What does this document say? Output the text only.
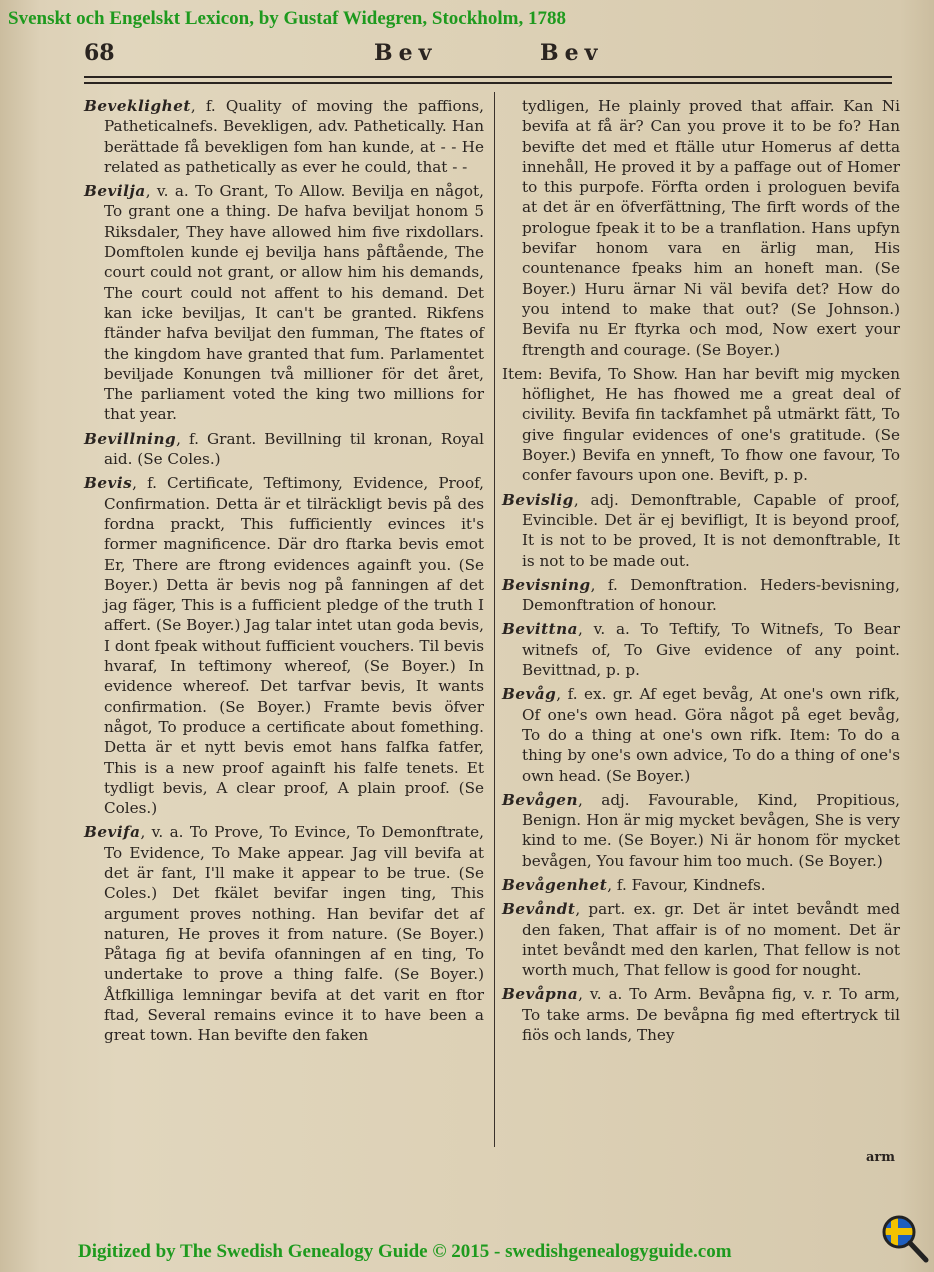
Svenskt och Engelskt Lexicon, by Gustaf Widegren, Stockholm, 1788
68	Bev	Bev

Beveklighet, f. Quality of moving the paffions, Patheticalnefs. Bevekligen, adv. Pathetically. Han berättade få bevekligen fom han kunde, at - - He related as pathetically as ever he could, that - -

Bevilja, v. a. To Grant, To Allow. Bevilja en något, To grant one a thing. De hafva beviljat honom 5 Riksdaler, They have allowed him five rixdollars. Domftolen kunde ej bevilja hans påftående, The court could not grant, or allow him his demands, The court could not affent to his demand. Det kan icke beviljas, It can't be granted. Rikfens ftänder hafva beviljat den fumman, The ftates of the kingdom have granted that fum. Parlamentet beviljade Konungen två millioner för det året, The parliament voted the king two millions for that year.

Bevillning, f. Grant. Bevillning til kronan, Royal aid. (Se Coles.)

Bevis, f. Certificate, Teftimony, Evidence, Proof, Confirmation. Detta är et tilräckligt bevis på des fordna prackt, This fufficiently evinces it's former magnificence. Där dro ftarka bevis emot Er, There are ftrong evidences againft you. (Se Boyer.) Detta är bevis nog på fanningen af det jag fäger, This is a fufficient pledge of the truth I affert. (Se Boyer.) Jag talar intet utan goda bevis, I dont fpeak without fufficient vouchers. Til bevis hvaraf, In teftimony whereof, (Se Boyer.) In evidence whereof. Det tarfvar bevis, It wants confirmation. (Se Boyer.) Framte bevis öfver något, To produce a certificate about fomething. Detta är et nytt bevis emot hans falfka fatfer, This is a new proof againft his falfe tenets. Et tydligt bevis, A clear proof, A plain proof. (Se Coles.)

Bevifa, v. a. To Prove, To Evince, To Demonftrate, To Evidence, To Make appear. Jag vill bevifa at det är fant, I'll make it appear to be true. (Se Coles.) Det fkälet bevifar ingen ting, This argument proves nothing. Han bevifar det af naturen, He proves it from nature. (Se Boyer.) Påtaga fig at bevifa ofanningen af en ting, To undertake to prove a thing falfe. (Se Boyer.) Åtfkilliga lemningar bevifa at det varit en ftor ftad, Several remains evince it to have been a great town. Han bevifte den faken

tydligen, He plainly proved that affair. Kan Ni bevifa at få är? Can you prove it to be fo? Han bevifte det med et ftälle utur Homerus af detta innehåll, He proved it by a paffage out of Homer to this purpofe. Förfta orden i prologuen bevifa at det är en öfverfättning, The firft words of the prologue fpeak it to be a tranflation. Hans upfyn bevifar honom vara en ärlig man, His countenance fpeaks him an honeft man. (Se Boyer.) Huru ärnar Ni väl bevifa det? How do you intend to make that out? (Se Johnson.) Bevifa nu Er ftyrka och mod, Now exert your ftrength and courage. (Se Boyer.)

Item: Bevifa, To Show. Han har bevift mig mycken höflighet, He has fhowed me a great deal of civility. Bevifa fin tackfamhet på utmärkt fätt, To give fingular evidences of one's gratitude. (Se Boyer.) Bevifa en ynneft, To fhow one favour, To confer favours upon one. Bevift, p. p.

Bevislig, adj. Demonftrable, Capable of proof, Evincible. Det är ej bevifligt, It is beyond proof, It is not to be proved, It is not demonftrable, It is not to be made out.

Bevisning, f. Demonftration. Heders-bevisning, Demonftration of honour.

Bevittna, v. a. To Teftify, To Witnefs, To Bear witnefs of, To Give evidence of any point. Bevittnad, p. p.

Bevåg, f. ex. gr. Af eget bevåg, At one's own rifk, Of one's own head. Göra något på eget bevåg, To do a thing at one's own rifk. Item: To do a thing by one's own advice, To do a thing of one's own head. (Se Boyer.)

Bevågen, adj. Favourable, Kind, Propitious, Benign. Hon är mig mycket bevågen, She is very kind to me. (Se Boyer.) Ni är honom för mycket bevågen, You favour him too much. (Se Boyer.)

Bevågenhet, f. Favour, Kindnefs.

Bevåndt, part. ex. gr. Det är intet bevåndt med den faken, That affair is of no moment. Det är intet bevåndt med den karlen, That fellow is not worth much, That fellow is good for nought.

Bevåpna, v. a. To Arm. Bevåpna fig, v. r. To arm, To take arms. De bevåpna fig med eftertryck til fiös och lands, They

arm
Digitized by The Swedish Genealogy Guide © 2015 - swedishgenealogyguide.com
